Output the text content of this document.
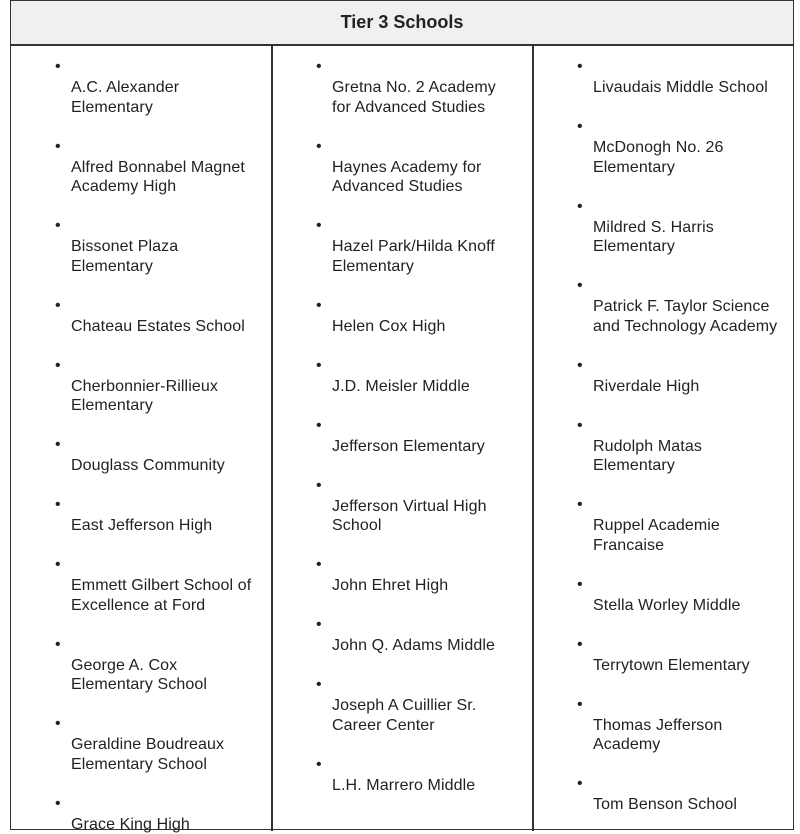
Tier 3 Schools
•
A.C. Alexander
Elementary
•
Alfred Bonnabel Magnet
Academy High
•
Bissonet Plaza
Elementary
•
Chateau Estates School
•
Cherbonnier-Rillieux
Elementary
•
Douglass Community
•
East Jefferson High
•
Emmett Gilbert School of
Excellence at Ford
•
George A. Cox
Elementary School
•
Geraldine Boudreaux
Elementary School
•
Grace King High
•
Gretna No. 2 Academy
for Advanced Studies
•
Haynes Academy for
Advanced Studies
•
Hazel Park/Hilda Knoff
Elementary
•
Helen Cox High
•
J.D. Meisler Middle
•
Jefferson Elementary
•
Jefferson Virtual High
School
•
John Ehret High
•
John Q. Adams Middle
•
Joseph A Cuillier Sr.
Career Center
•
L.H. Marrero Middle
•
Livaudais Middle School
•
McDonogh No. 26
Elementary
•
Mildred S. Harris
Elementary
•
Patrick F. Taylor Science
and Technology Academy
•
Riverdale High
•
Rudolph Matas
Elementary
•
Ruppel Academie
Francaise
•
Stella Worley Middle
•
Terrytown Elementary
•
Thomas Jefferson
Academy
•
Tom Benson School
